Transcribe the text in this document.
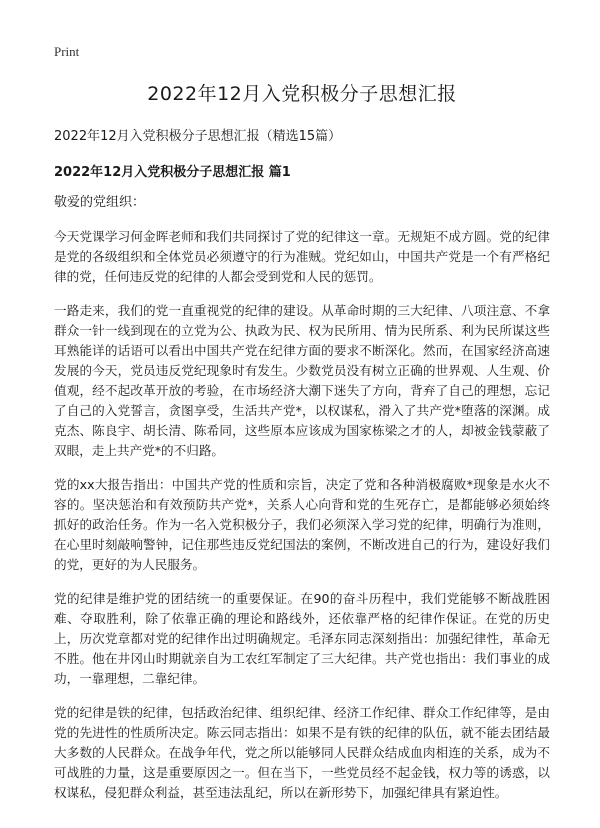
Print
2022年12月入党积极分子思想汇报

2022年12月入党积极分子思想汇报（精选15篇）

2022年12月入党积极分子思想汇报 篇1

敬爱的党组织：

今天党课学习何金晖老师和我们共同探讨了党的纪律这一章。无规矩不成方圆。党的纪律是党的各级组织和全体党员必须遵守的行为准贼。党纪如山，中国共产党是一个有严格纪律的党，任何违反党的纪律的人都会受到党和人民的惩罚。

一路走来，我们的党一直重视党的纪律的建设。从革命时期的三大纪律、八项注意、不拿群众一针一线到现在的立党为公、执政为民、权为民所用、情为民所系、利为民所谋这些耳熟能详的话语可以看出中国共产党在纪律方面的要求不断深化。然而，在国家经济高速发展的今天，党员违反党纪现象时有发生。少数党员没有树立正确的世界观、人生观、价值观，经不起改革开放的考验，在市场经济大潮下迷失了方向，背弃了自己的理想，忘记了自己的入党誓言，贪图享受，生活共产党*，以权谋私，滑入了共产党*堕落的深渊。成克杰、陈良宇、胡长清、陈希同，这些原本应该成为国家栋梁之才的人，却被金钱蒙蔽了双眼，走上共产党*的不归路。

党的xx大报告指出：中国共产党的性质和宗旨，决定了党和各种消极腐败*现象是水火不容的。坚决惩治和有效预防共产党*，关系人心向背和党的生死存亡，是都能够必须始终抓好的政治任务。作为一名入党积极分子，我们必须深入学习党的纪律，明确行为准则，在心里时刻敲响警钟，记住那些违反党纪国法的案例，不断改进自己的行为，建设好我们的党，更好的为人民服务。

党的纪律是维护党的团结统一的重要保证。在90的奋斗历程中，我们党能够不断战胜困难、夺取胜利，除了依靠正确的理论和路线外，还依靠严格的纪律作保证。在党的历史上，历次党章都对党的纪律作出过明确规定。毛泽东同志深刻指出：加强纪律性，革命无不胜。他在井冈山时期就亲自为工农红军制定了三大纪律。共产党也指出：我们事业的成功，一靠理想，二靠纪律。

党的纪律是铁的纪律，包括政治纪律、组织纪律、经济工作纪律、群众工作纪律等，是由党的先进性的性质所决定。陈云同志指出：如果不是有铁的纪律的队伍，就不能去团结最大多数的人民群众。在战争年代，党之所以能够同人民群众结成血肉相连的关系，成为不可战胜的力量，这是重要原因之一。但在当下，一些党员经不起金钱，权力等的诱惑，以权谋私，侵犯群众利益，甚至违法乱纪，所以在新形势下，加强纪律具有紧迫性。
